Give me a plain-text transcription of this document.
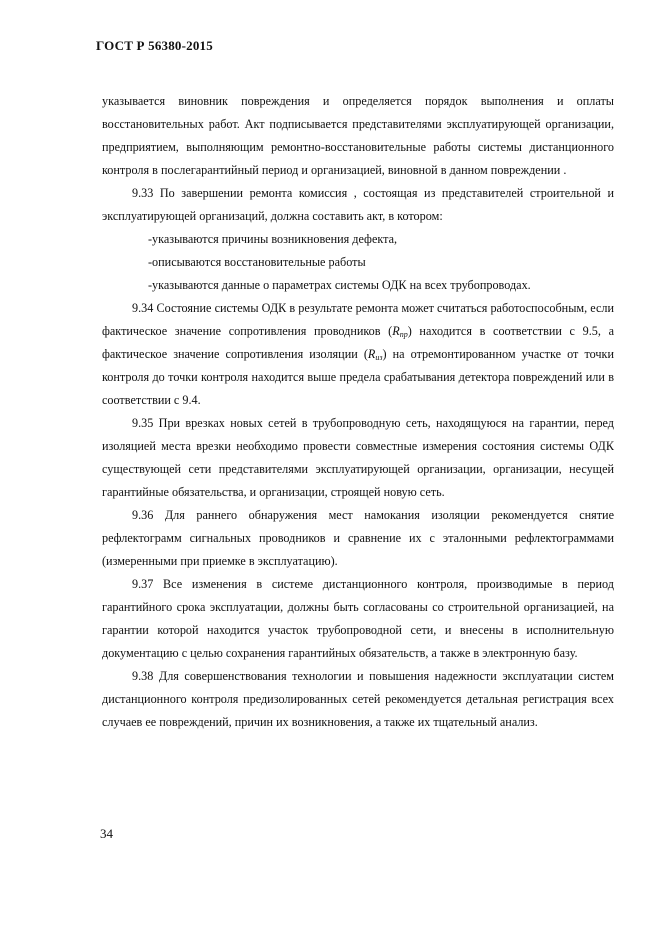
ГОСТ Р 56380-2015

указывается виновник повреждения и определяется порядок выполнения и оплаты восстановительных работ. Акт подписывается представителями эксплуатирующей организации, предприятием, выполняющим ремонтно-восстановительные работы системы дистанционного контроля в послегарантийный период и организацией, виновной в данном повреждении .

9.33 По завершении ремонта комиссия , состоящая из представителей строительной и эксплуатирующей организаций, должна составить акт, в котором:

-указываются причины возникновения дефекта,

-описываются восстановительные работы

-указываются данные о параметрах системы ОДК на всех трубопроводах.

9.34 Состояние системы ОДК в результате ремонта может считаться работоспособным, если фактическое значение сопротивления проводников $(R_{пр})$ находится в соответствии с 9.5, а фактическое значение сопротивления изоляции $(R_{из})$ на отремонтированном участке от точки контроля до точки контроля находится выше предела срабатывания детектора повреждений или в соответствии с 9.4.

9.35 При врезках новых сетей в трубопроводную сеть, находящуюся на гарантии, перед изоляцией места врезки необходимо провести совместные измерения состояния системы ОДК существующей сети представителями эксплуатирующей организации, организации, несущей гарантийные обязательства, и организации, строящей новую сеть.

9.36 Для раннего обнаружения мест намокания изоляции рекомендуется снятие рефлектограмм сигнальных проводников и сравнение их с эталонными рефлектограммами (измеренными при приемке в эксплуатацию).

9.37 Все изменения в системе дистанционного контроля, производимые в период гарантийного срока эксплуатации, должны быть согласованы со строительной организацией, на гарантии которой находится участок трубопроводной сети, и внесены в исполнительную документацию с целью сохранения гарантийных обязательств, а также в электронную базу.

9.38 Для совершенствования технологии и повышения надежности эксплуатации систем дистанционного контроля предизолированных сетей рекомендуется детальная регистрация всех случаев ее повреждений, причин их возникновения, а также их тщательный анализ.

34
